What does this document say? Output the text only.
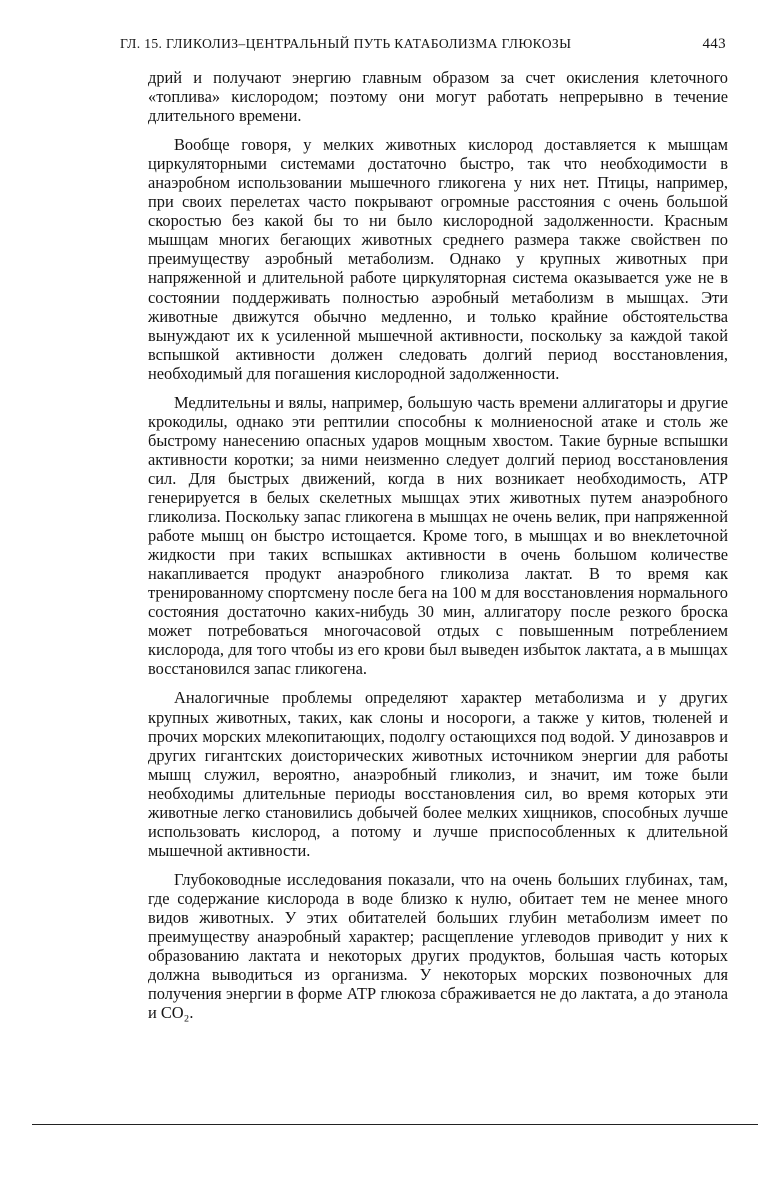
ГЛ. 15. ГЛИКОЛИЗ–ЦЕНТРАЛЬНЫЙ ПУТЬ КАТАБОЛИЗМА ГЛЮКОЗЫ	443

дрий и получают энергию главным образом за счет окисления клеточного «топлива» кислородом; поэтому они могут работать непрерывно в течение длительного времени.

Вообще говоря, у мелких животных кислород доставляется к мышцам циркуляторными системами достаточно быстро, так что необходимости в анаэробном использовании мышечного гликогена у них нет. Птицы, например, при своих перелетах часто покрывают огромные расстояния с очень большой скоростью без какой бы то ни было кислородной задолженности. Красным мышцам многих бегающих животных среднего размера также свойствен по преимуществу аэробный метаболизм. Однако у крупных животных при напряженной и длительной работе циркуляторная система оказывается уже не в состоянии поддерживать полностью аэробный метаболизм в мышцах. Эти животные движутся обычно медленно, и только крайние обстоятельства вынуждают их к усиленной мышечной активности, поскольку за каждой такой вспышкой активности должен следовать долгий период восстановления, необходимый для погашения кислородной задолженности.

Медлительны и вялы, например, большую часть времени аллигаторы и другие крокодилы, однако эти рептилии способны к молниеносной атаке и столь же быстрому нанесению опасных ударов мощным хвостом. Такие бурные вспышки активности коротки; за ними неизменно следует долгий период восстановления сил. Для быстрых движений, когда в них возникает необходимость, АТР генерируется в белых скелетных мышцах этих животных путем анаэробного гликолиза. Поскольку запас гликогена в мышцах не очень велик, при напряженной работе мышц он быстро истощается. Кроме того, в мышцах и во внеклеточной жидкости при таких вспышках активности в очень большом количестве накапливается продукт анаэробного гликолиза лактат. В то время как тренированному спортсмену после бега на 100 м для восстановления нормального состояния достаточно каких-нибудь 30 мин, аллигатору после резкого броска может потребоваться многочасовой отдых с повышенным потреблением кислорода, для того чтобы из его крови был выведен избыток лактата, а в мышцах восстановился запас гликогена.

Аналогичные проблемы определяют характер метаболизма и у других крупных животных, таких, как слоны и носороги, а также у китов, тюленей и прочих морских млекопитающих, подолгу остающихся под водой. У динозавров и других гигантских доисторических животных источником энергии для работы мышц служил, вероятно, анаэробный гликолиз, и значит, им тоже были необходимы длительные периоды восстановления сил, во время которых эти животные легко становились добычей более мелких хищников, способных лучше использовать кислород, а потому и лучше приспособленных к длительной мышечной активности.

Глубоководные исследования показали, что на очень больших глубинах, там, где содержание кислорода в воде близко к нулю, обитает тем не менее много видов животных. У этих обитателей больших глубин метаболизм имеет по преимуществу анаэробный характер; расщепление углеводов приводит у них к образованию лактата и некоторых других продуктов, большая часть которых должна выводиться из организма. У некоторых морских позвоночных для получения энергии в форме АТР глюкоза сбраживается не до лактата, а до этанола и CO₂.
